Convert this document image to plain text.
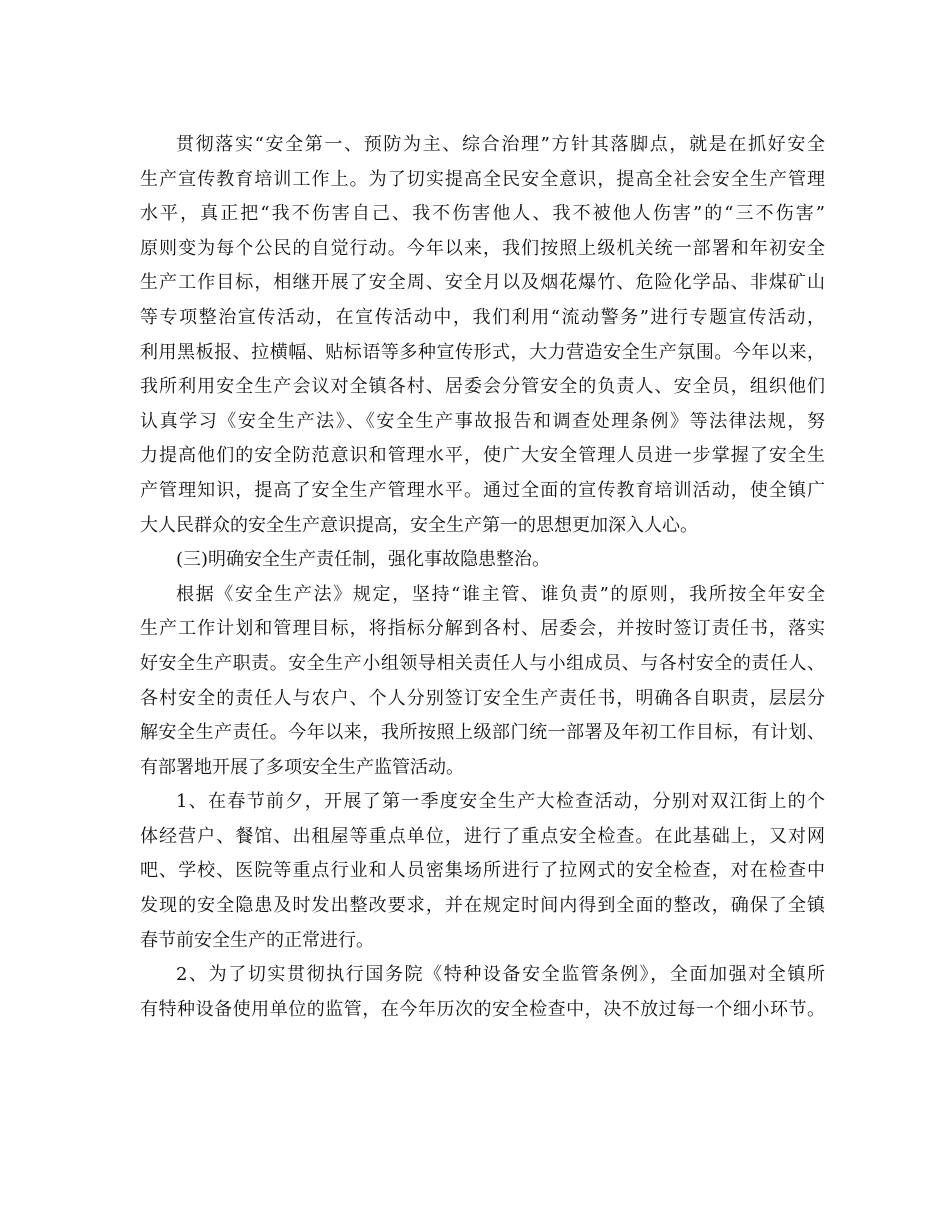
贯彻落实“安全第一、预防为主、综合治理”方针其落脚点，就是在抓好安全
生产宣传教育培训工作上。为了切实提高全民安全意识，提高全社会安全生产管理
水平，真正把“我不伤害自己、我不伤害他人、我不被他人伤害”的“三不伤害”
原则变为每个公民的自觉行动。今年以来，我们按照上级机关统一部署和年初安全
生产工作目标，相继开展了安全周、安全月以及烟花爆竹、危险化学品、非煤矿山
等专项整治宣传活动，在宣传活动中，我们利用“流动警务”进行专题宣传活动，
利用黑板报、拉横幅、贴标语等多种宣传形式，大力营造安全生产氛围。今年以来，
我所利用安全生产会议对全镇各村、居委会分管安全的负责人、安全员，组织他们
认真学习《安全生产法》、《安全生产事故报告和调查处理条例》等法律法规，努
力提高他们的安全防范意识和管理水平，使广大安全管理人员进一步掌握了安全生
产管理知识，提高了安全生产管理水平。通过全面的宣传教育培训活动，使全镇广
大人民群众的安全生产意识提高，安全生产第一的思想更加深入人心。
(三)明确安全生产责任制，强化事故隐患整治。
根据《安全生产法》规定，坚持“谁主管、谁负责”的原则，我所按全年安全
生产工作计划和管理目标，将指标分解到各村、居委会，并按时签订责任书，落实
好安全生产职责。安全生产小组领导相关责任人与小组成员、与各村安全的责任人、
各村安全的责任人与农户、个人分别签订安全生产责任书，明确各自职责，层层分
解安全生产责任。今年以来，我所按照上级部门统一部署及年初工作目标，有计划、
有部署地开展了多项安全生产监管活动。
1、在春节前夕，开展了第一季度安全生产大检查活动，分别对双江街上的个
体经营户、餐馆、出租屋等重点单位，进行了重点安全检查。在此基础上，又对网
吧、学校、医院等重点行业和人员密集场所进行了拉网式的安全检查，对在检查中
发现的安全隐患及时发出整改要求，并在规定时间内得到全面的整改，确保了全镇
春节前安全生产的正常进行。
2、为了切实贯彻执行国务院《特种设备安全监管条例》，全面加强对全镇所
有特种设备使用单位的监管，在今年历次的安全检查中，决不放过每一个细小环节。
